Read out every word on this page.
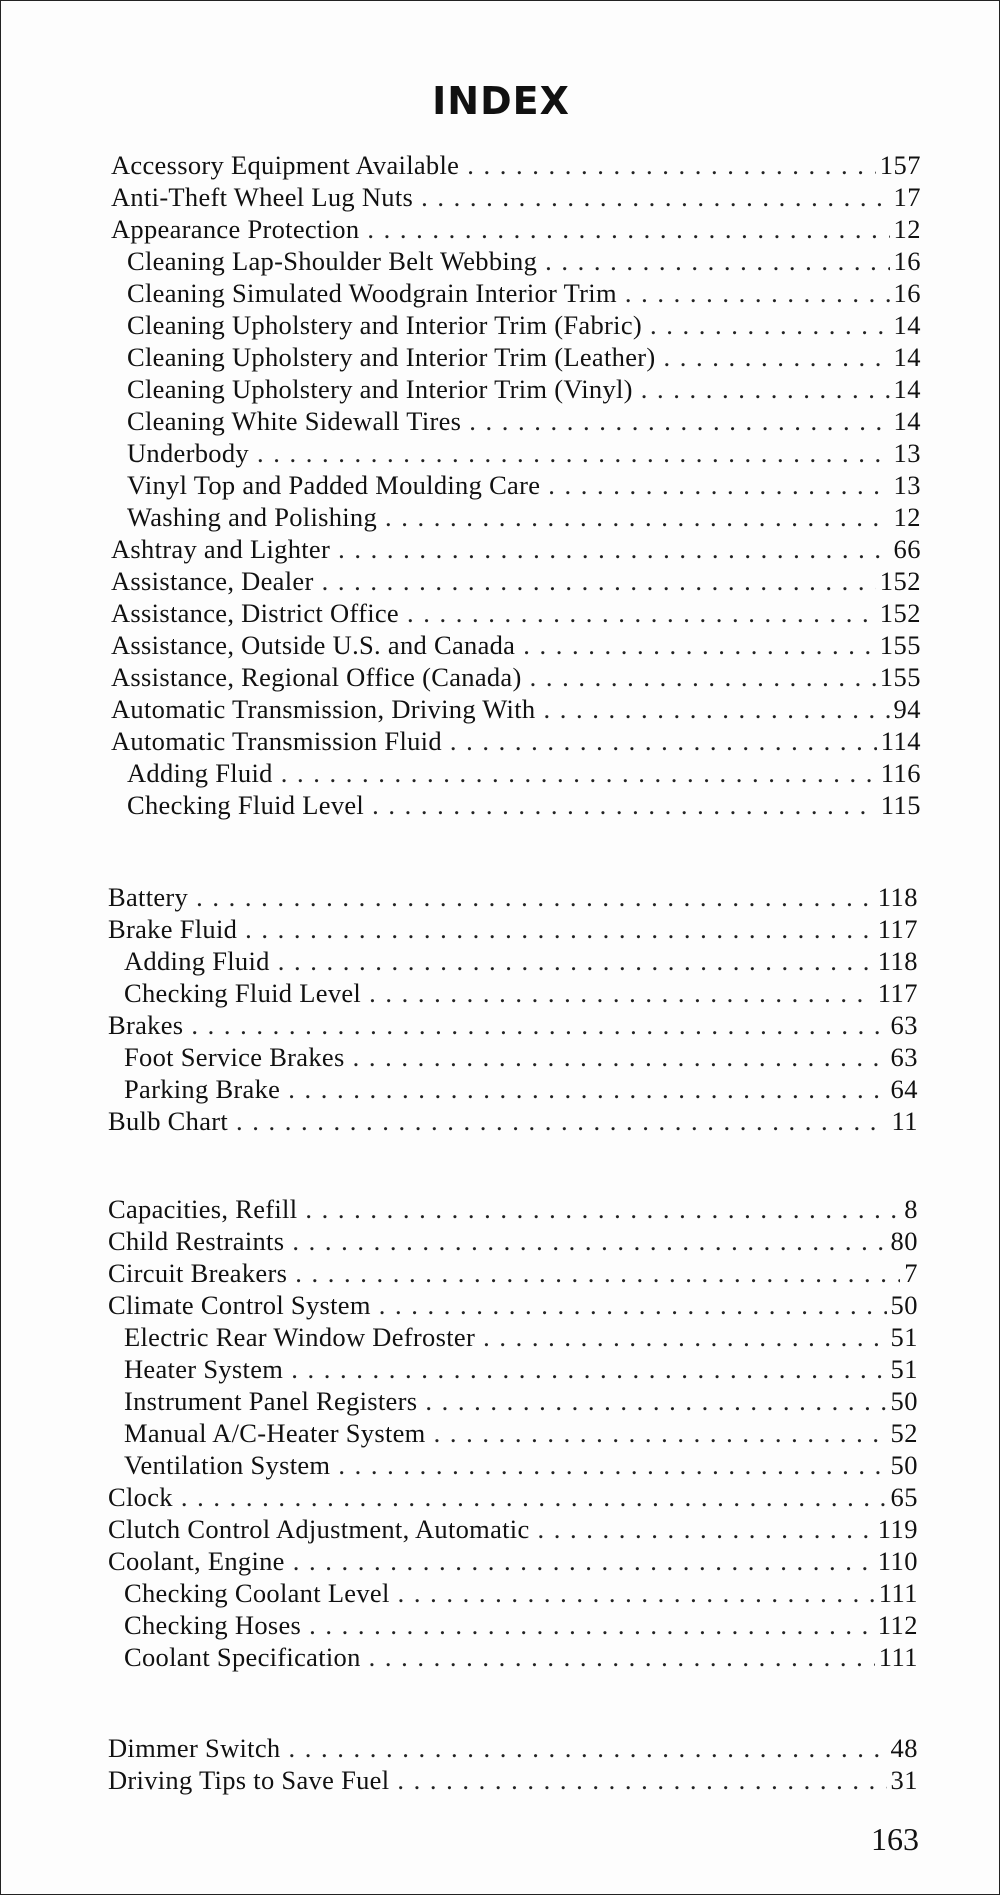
INDEX
Accessory Equipment Available . . .	157
Anti-Theft Wheel Lug Nuts . . .	17
Appearance Protection . . .	12
Cleaning Lap-Shoulder Belt Webbing . . .	16
Cleaning Simulated Woodgrain Interior Trim . . .	16
Cleaning Upholstery and Interior Trim (Fabric) . . .	14
Cleaning Upholstery and Interior Trim (Leather) . . .	14
Cleaning Upholstery and Interior Trim (Vinyl) . . .	14
Cleaning White Sidewall Tires . . .	14
Underbody . . .	13
Vinyl Top and Padded Moulding Care . . .	13
Washing and Polishing . . .	12
Ashtray and Lighter . . .	66
Assistance, Dealer . . .	152
Assistance, District Office . . .	152
Assistance, Outside U.S. and Canada . . .	155
Assistance, Regional Office (Canada) . . .	155
Automatic Transmission, Driving With . . .	94
Automatic Transmission Fluid . . .	114
Adding Fluid . . .	116
Checking Fluid Level . . .	115
Battery . . .	118
Brake Fluid . . .	117
Adding Fluid . . .	118
Checking Fluid Level . . .	117
Brakes . . .	63
Foot Service Brakes . . .	63
Parking Brake . . .	64
Bulb Chart . . .	11
Capacities, Refill . . .	8
Child Restraints . . .	80
Circuit Breakers . . .	7
Climate Control System . . .	50
Electric Rear Window Defroster . . .	51
Heater System . . .	51
Instrument Panel Registers . . .	50
Manual A/C-Heater System . . .	52
Ventilation System . . .	50
Clock . . .	65
Clutch Control Adjustment, Automatic . . .	119
Coolant, Engine . . .	110
Checking Coolant Level . . .	111
Checking Hoses . . .	112
Coolant Specification . . .	111
Dimmer Switch . . .	48
Driving Tips to Save Fuel . . .	31
163
